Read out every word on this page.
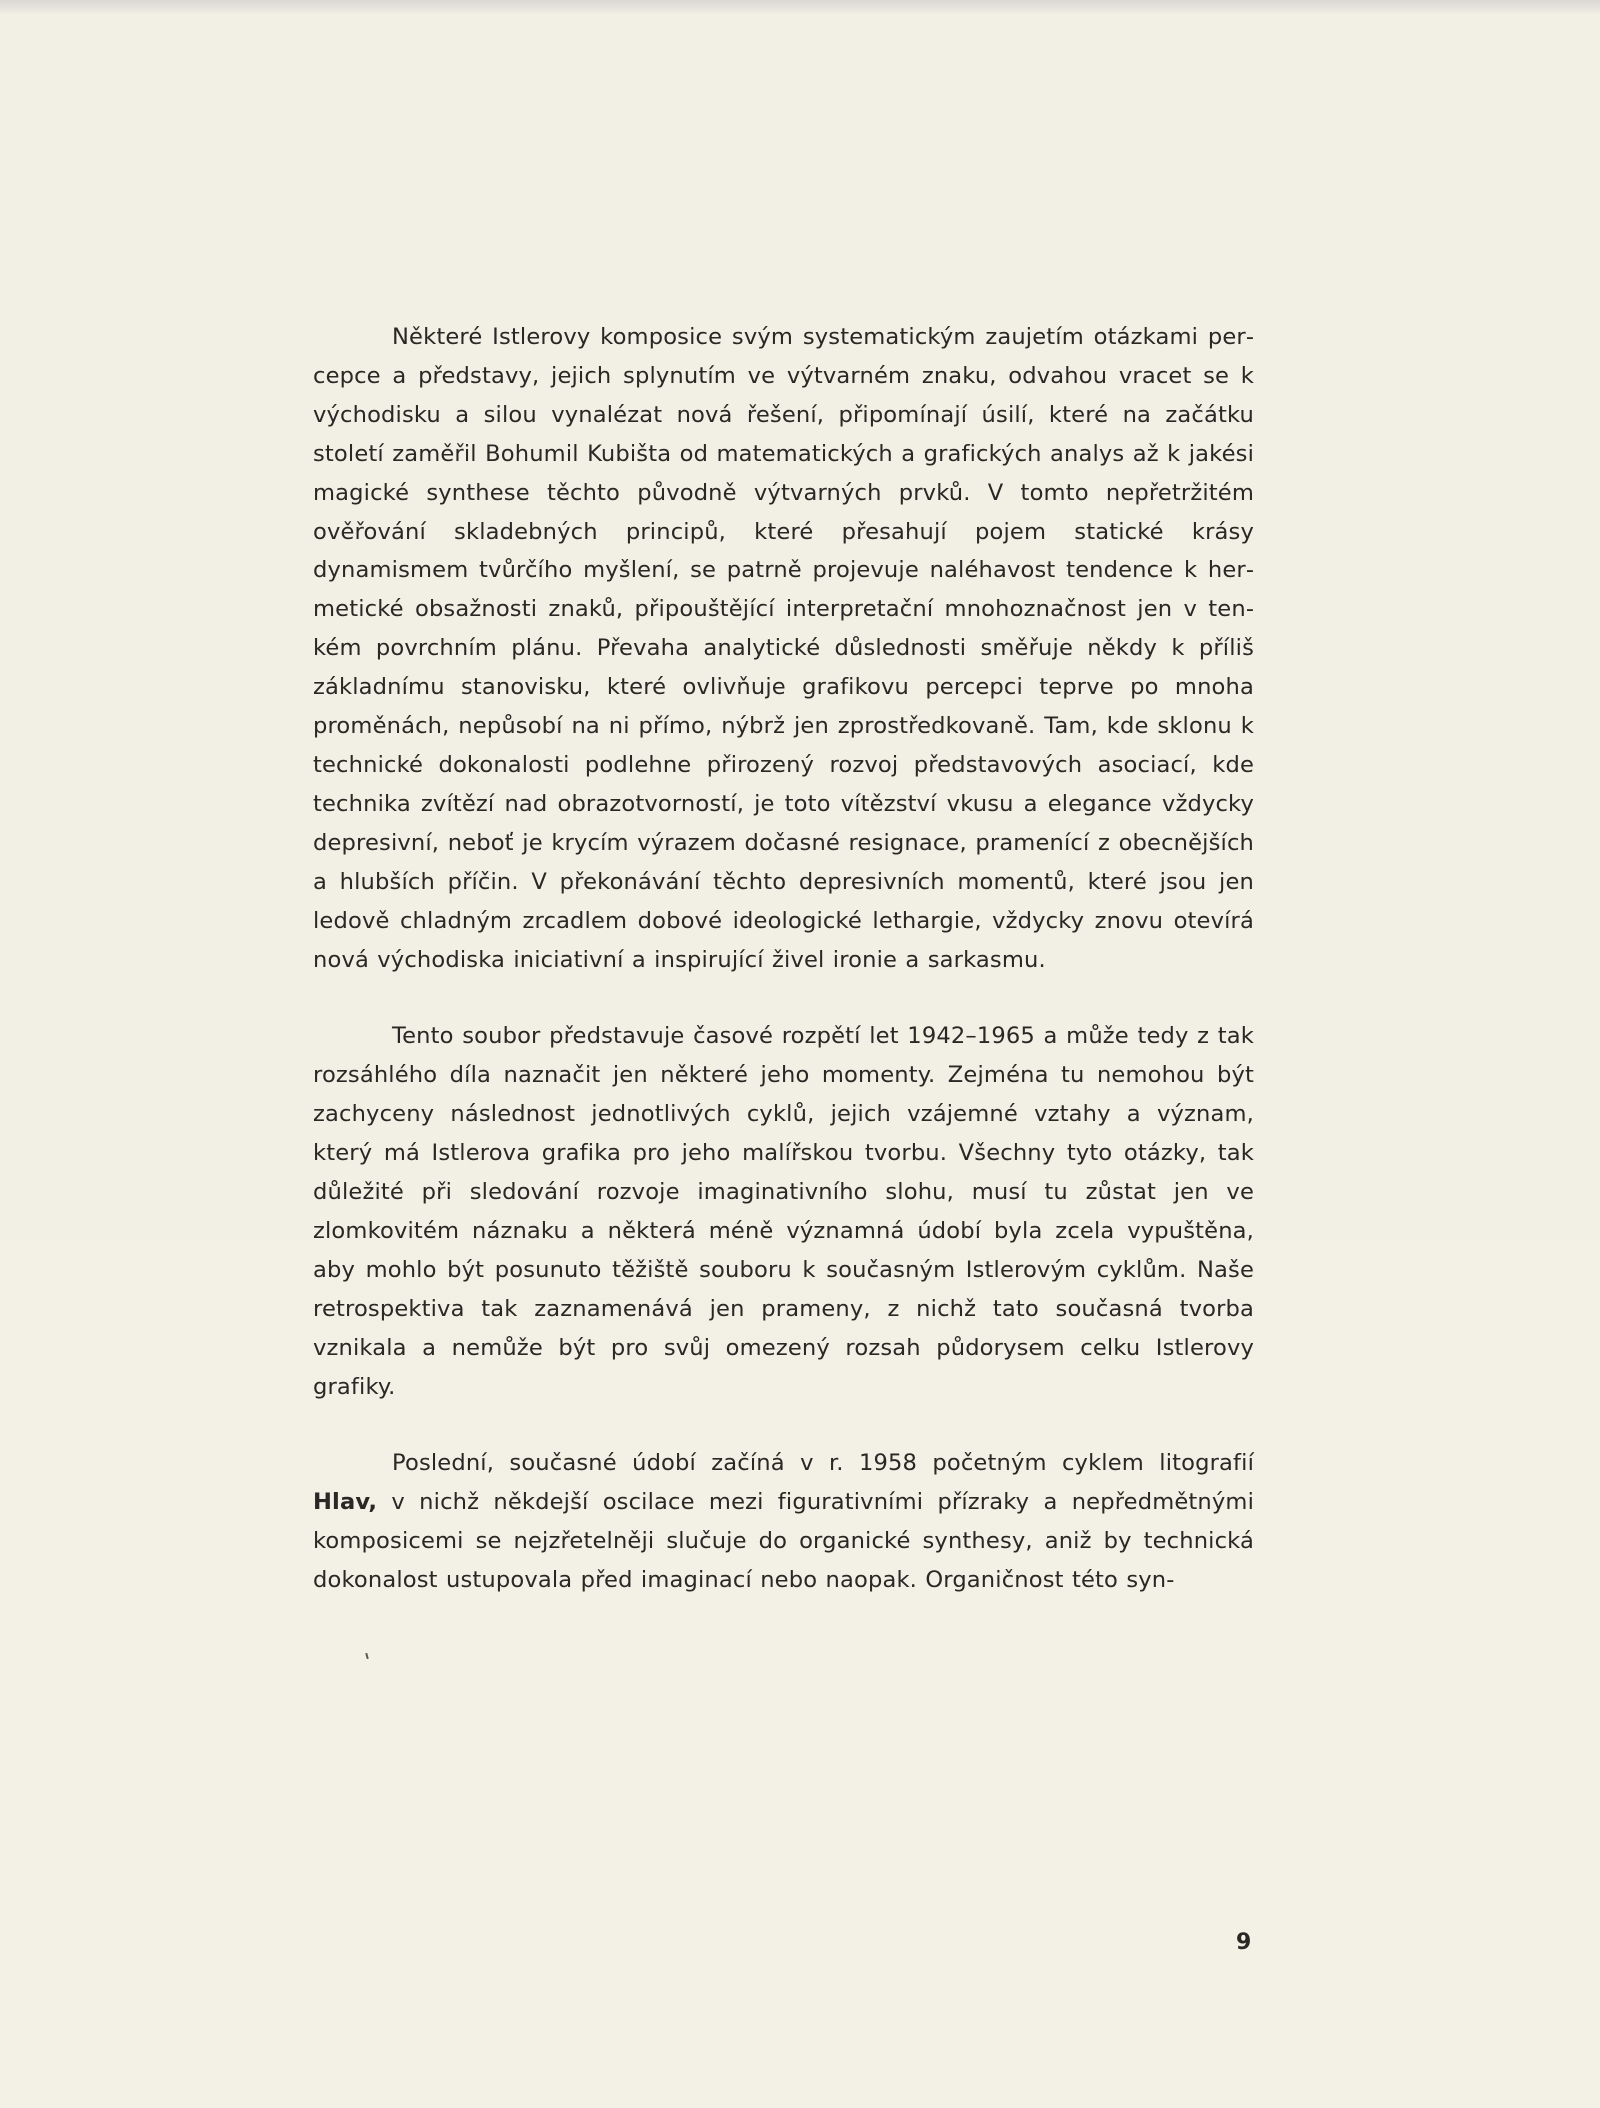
Některé Istlerovy komposice svým systematickým zaujetím otázkami percepce a představy, jejich splynutím ve výtvarném znaku, odvahou vracet se k východisku a silou vynalézat nová řešení, připomínají úsilí, které na začátku století zaměřil Bohumil Kubišta od matematických a grafických analys až k jakési magické synthese těchto původně výtvarných prvků. V tomto nepřetržitém ověřování skladebných principů, které přesahují pojem statické krásy dynamismem tvůrčího myšlení, se patrně projevuje naléhavost tendence k hermetické obsažnosti znaků, připouštějící interpretační mnohoznačnost jen v tenkém povrchním plánu. Převaha analytické důslednosti směřuje někdy k příliš základnímu stanovisku, které ovlivňuje grafikovu percepci teprve po mnoha proměnách, nepůsobí na ni přímo, nýbrž jen zprostředkovaně. Tam, kde sklonu k technické dokonalosti podlehne přirozený rozvoj představových asociací, kde technika zvítězí nad obrazotvorností, je toto vítězství vkusu a elegance vždycky depresivní, neboť je krycím výrazem dočasné resignace, pramenící z obecnějších a hlubších příčin. V překonávání těchto depresivních momentů, které jsou jen ledově chladným zrcadlem dobové ideologické lethargie, vždycky znovu otevírá nová východiska iniciativní a inspirující živel ironie a sarkasmu.

Tento soubor představuje časové rozpětí let 1942–1965 a může tedy z tak rozsáhlého díla naznačit jen některé jeho momenty. Zejména tu nemohou být zachyceny následnost jednotlivých cyklů, jejich vzájemné vztahy a význam, který má Istlerova grafika pro jeho malířskou tvorbu. Všechny tyto otázky, tak důležité při sledování rozvoje imaginativního slohu, musí tu zůstat jen ve zlomkovitém náznaku a některá méně významná údobí byla zcela vypuštěna, aby mohlo být posunuto těžiště souboru k současným Istlerovým cyklům. Naše retrospektiva tak zaznamenává jen prameny, z nichž tato současná tvorba vznikala a nemůže být pro svůj omezený rozsah půdorysem celku Istlerovy grafiky.

Poslední, současné údobí začíná v r. 1958 početným cyklem litografií Hlav, v nichž někdejší oscilace mezi figurativními přízraky a nepředmětnými komposicemi se nejzřetelněji slučuje do organické synthesy, aniž by technická dokonalost ustupovala před imaginací nebo naopak. Organičnost této syn-

9
